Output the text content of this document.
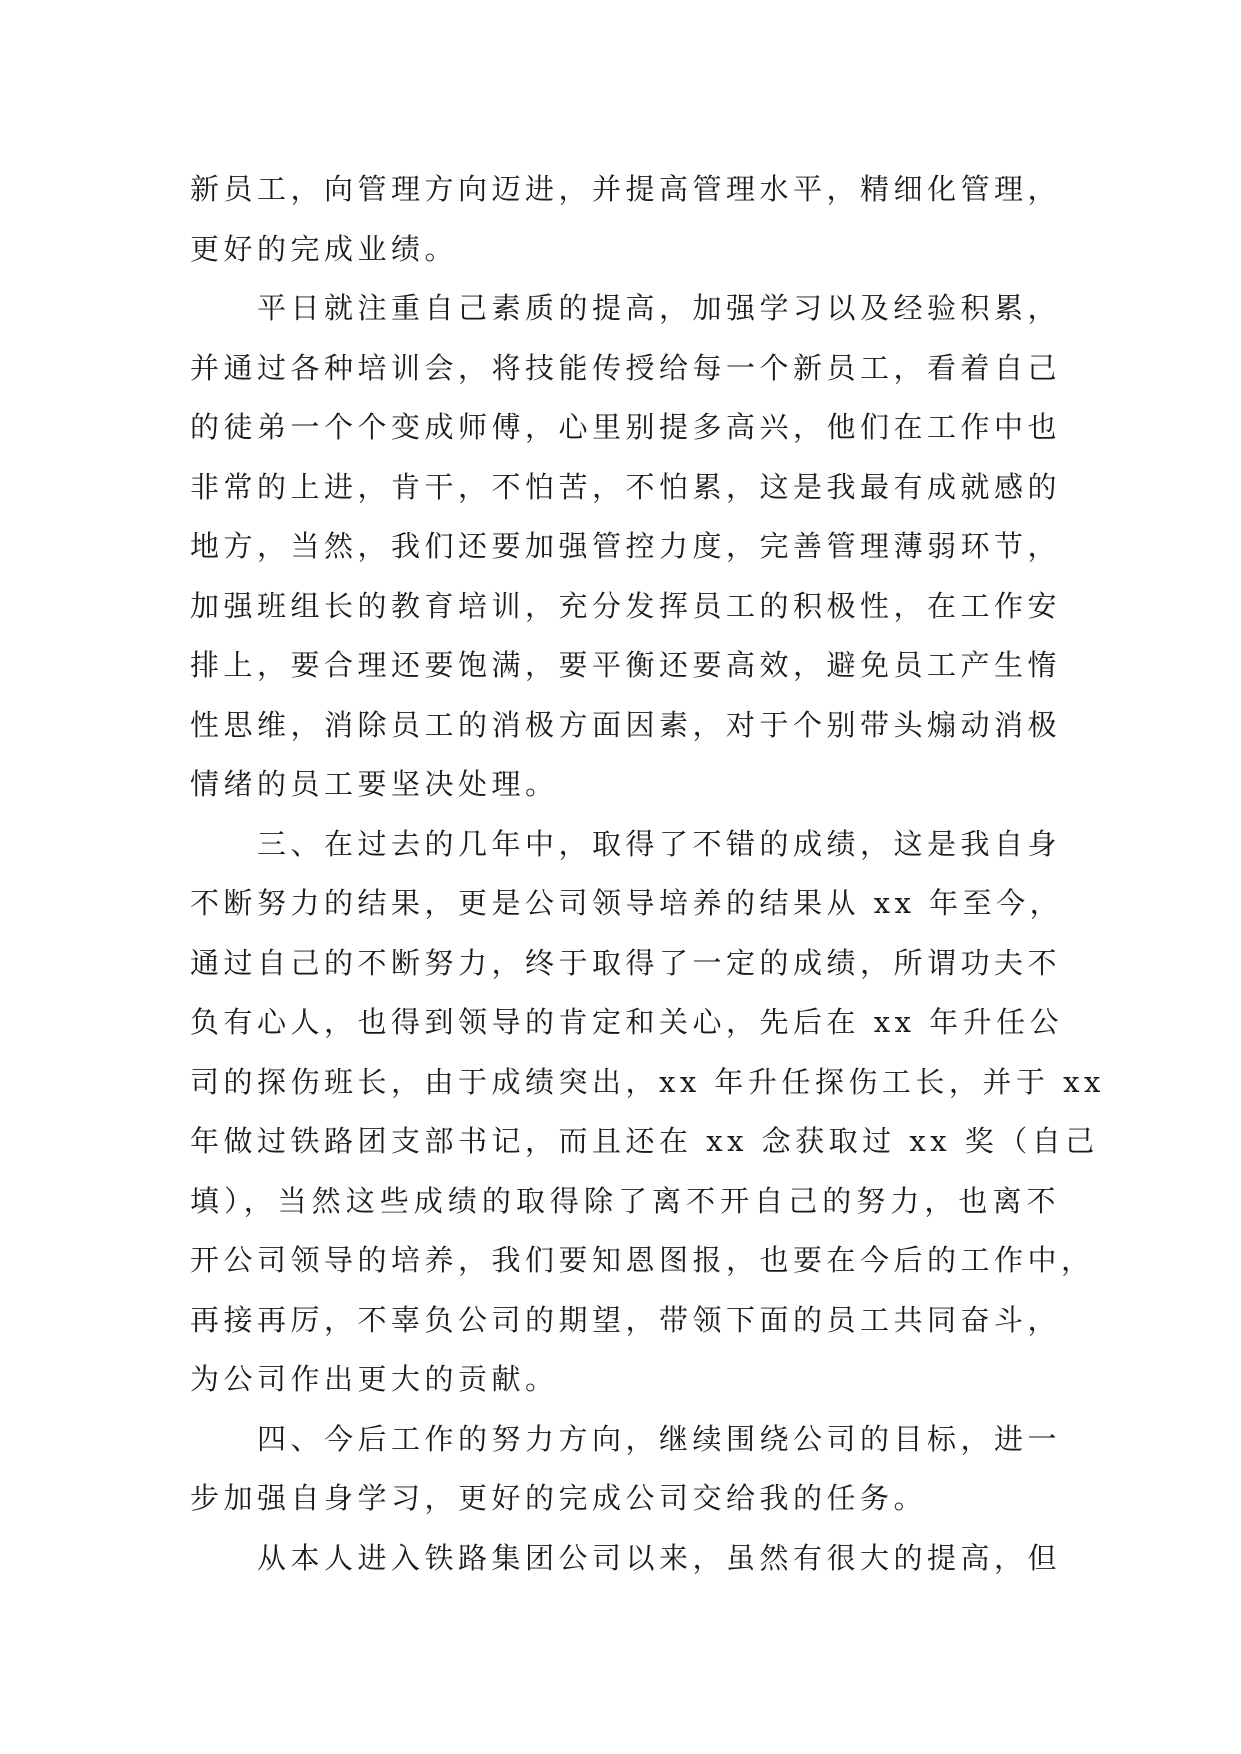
新员工，向管理方向迈进，并提高管理水平，精细化管理，
更好的完成业绩。
平日就注重自己素质的提高，加强学习以及经验积累，
并通过各种培训会，将技能传授给每一个新员工，看着自己
的徒弟一个个变成师傅，心里别提多高兴，他们在工作中也
非常的上进，肯干，不怕苦，不怕累，这是我最有成就感的
地方，当然，我们还要加强管控力度，完善管理薄弱环节，
加强班组长的教育培训，充分发挥员工的积极性，在工作安
排上，要合理还要饱满，要平衡还要高效，避免员工产生惰
性思维，消除员工的消极方面因素，对于个别带头煽动消极
情绪的员工要坚决处理。
三、在过去的几年中，取得了不错的成绩，这是我自身
不断努力的结果，更是公司领导培养的结果从 xx 年至今，
通过自己的不断努力，终于取得了一定的成绩，所谓功夫不
负有心人，也得到领导的肯定和关心，先后在 xx 年升任公
司的探伤班长，由于成绩突出，xx 年升任探伤工长，并于 xx
年做过铁路团支部书记，而且还在 xx 念获取过 xx 奖（自己
填），当然这些成绩的取得除了离不开自己的努力，也离不
开公司领导的培养，我们要知恩图报，也要在今后的工作中，
再接再厉，不辜负公司的期望，带领下面的员工共同奋斗，
为公司作出更大的贡献。
四、今后工作的努力方向，继续围绕公司的目标，进一
步加强自身学习，更好的完成公司交给我的任务。
从本人进入铁路集团公司以来，虽然有很大的提高，但
